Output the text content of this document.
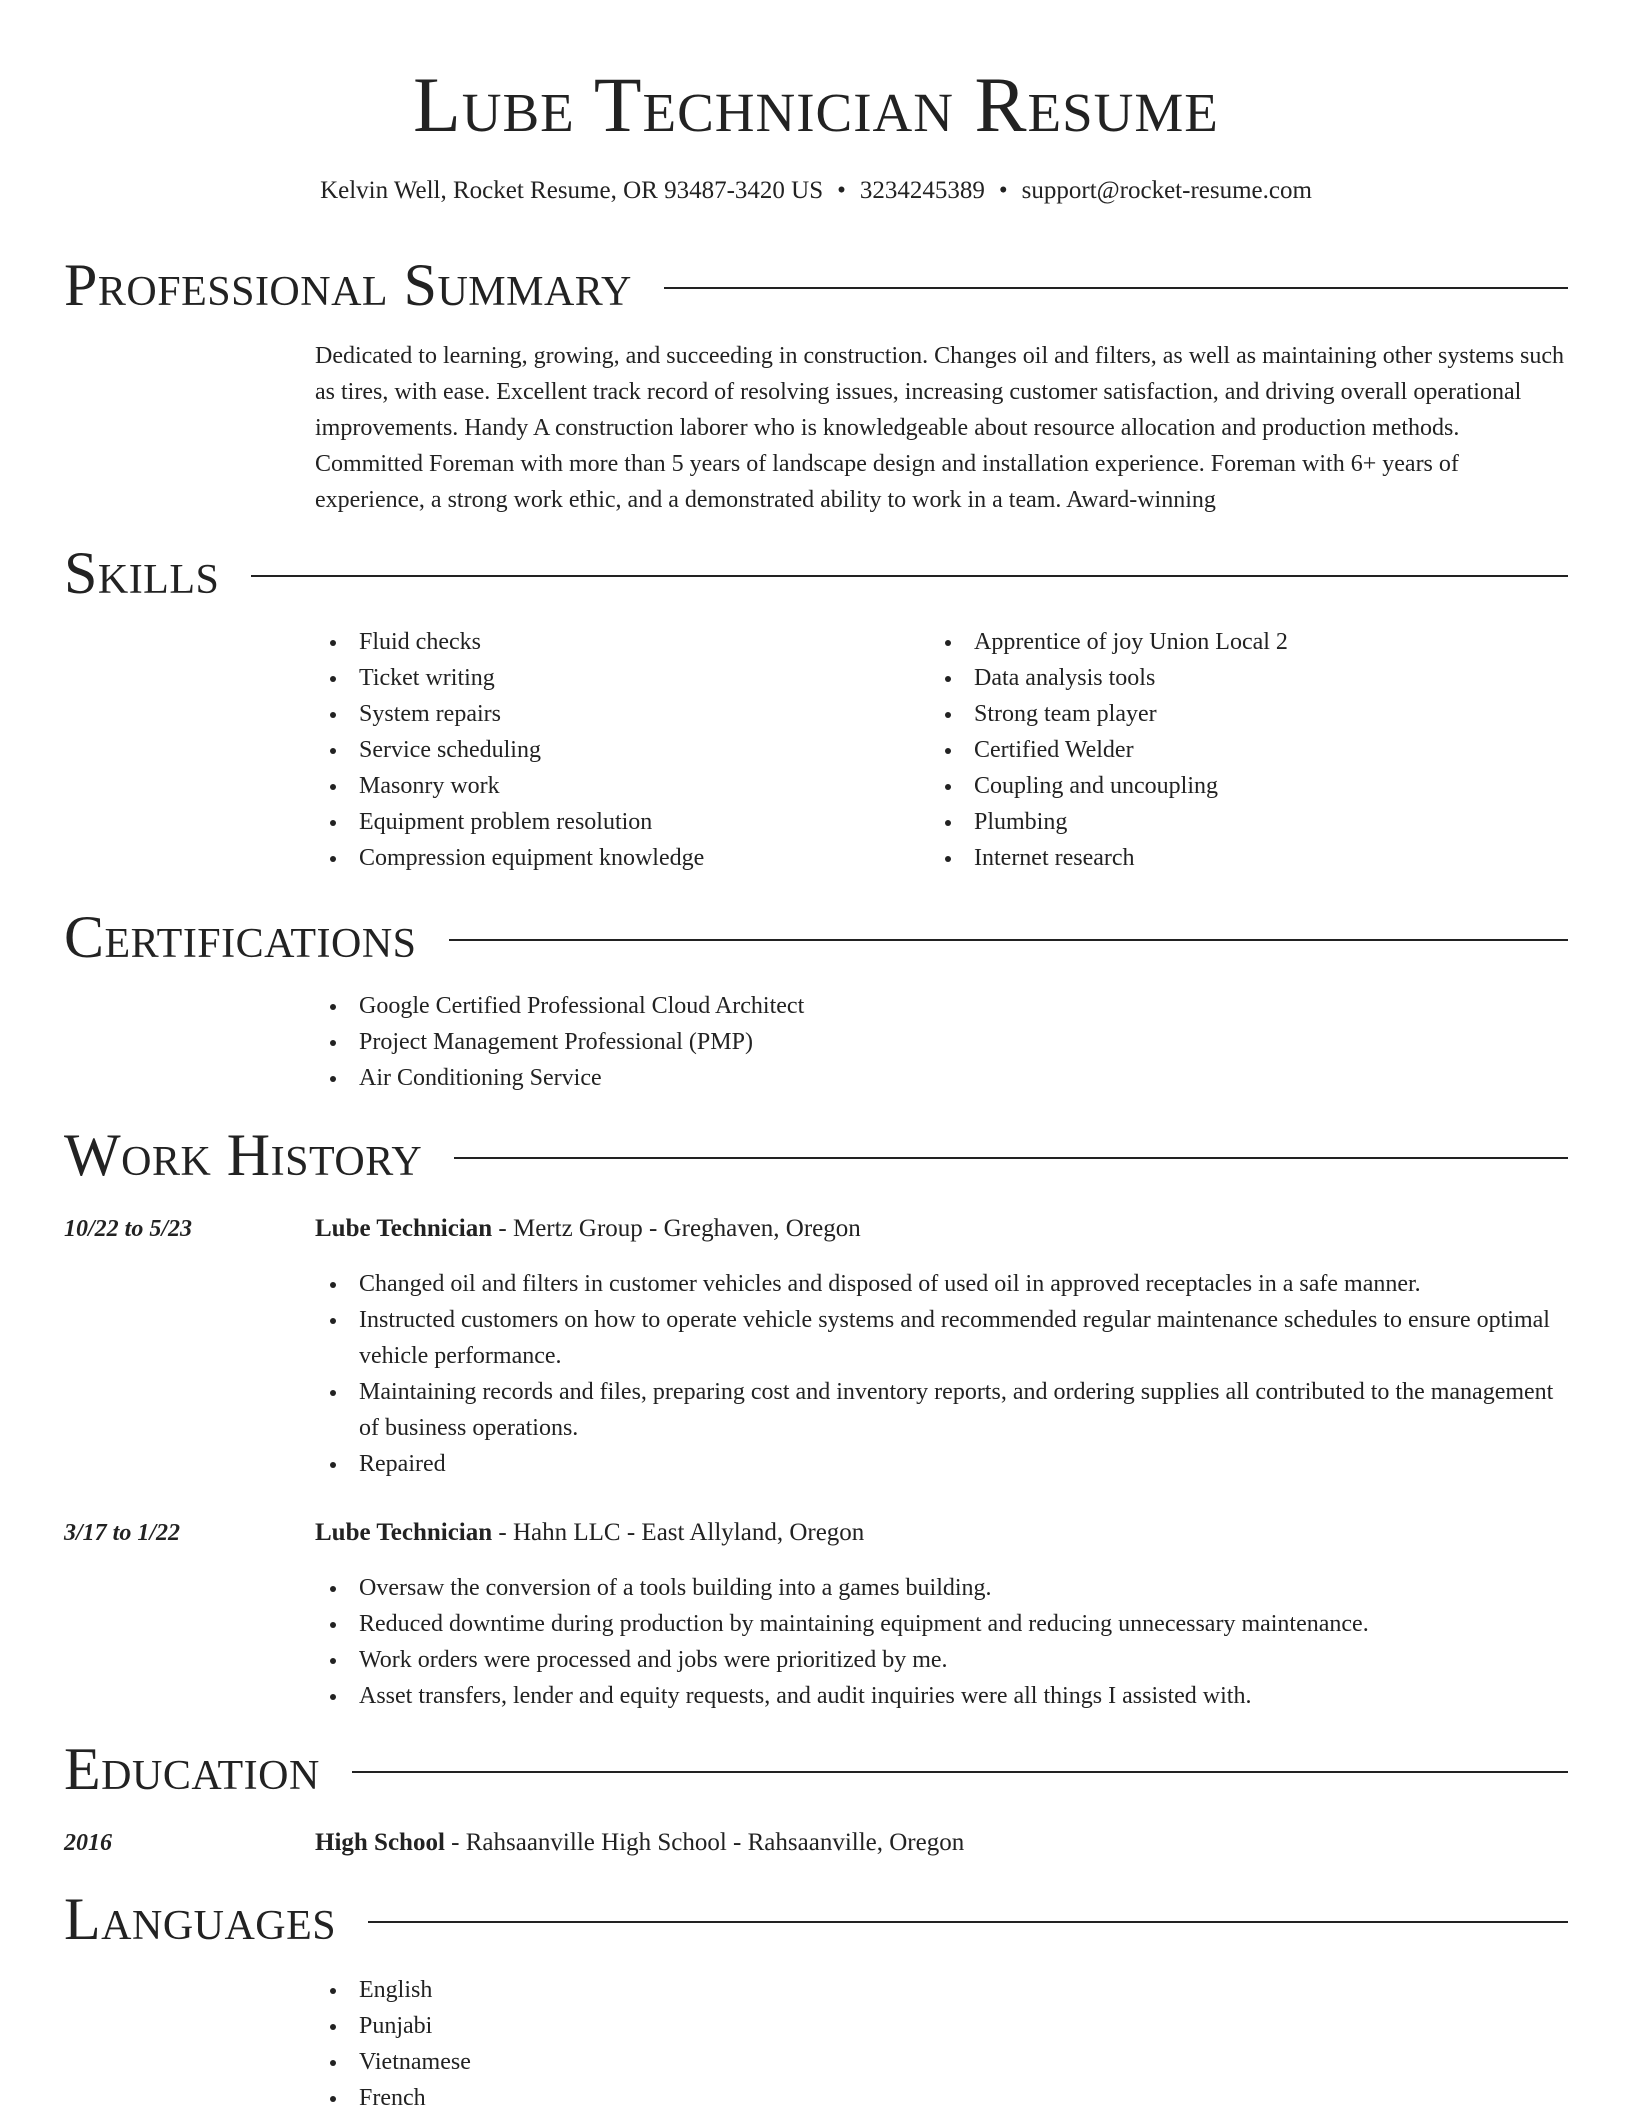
Lube Technician Resume
Kelvin Well, Rocket Resume, OR 93487-3420 US • 3234245389 • support@rocket-resume.com
Professional Summary
Dedicated to learning, growing, and succeeding in construction. Changes oil and filters, as well as maintaining other systems such as tires, with ease. Excellent track record of resolving issues, increasing customer satisfaction, and driving overall operational improvements. Handy A construction laborer who is knowledgeable about resource allocation and production methods. Committed Foreman with more than 5 years of landscape design and installation experience. Foreman with 6+ years of experience, a strong work ethic, and a demonstrated ability to work in a team. Award-winning
Skills
Fluid checks
Ticket writing
System repairs
Service scheduling
Masonry work
Equipment problem resolution
Compression equipment knowledge
Apprentice of joy Union Local 2
Data analysis tools
Strong team player
Certified Welder
Coupling and uncoupling
Plumbing
Internet research
Certifications
Google Certified Professional Cloud Architect
Project Management Professional (PMP)
Air Conditioning Service
Work History
10/22 to 5/23	Lube Technician - Mertz Group - Greghaven, Oregon
Changed oil and filters in customer vehicles and disposed of used oil in approved receptacles in a safe manner.
Instructed customers on how to operate vehicle systems and recommended regular maintenance schedules to ensure optimal vehicle performance.
Maintaining records and files, preparing cost and inventory reports, and ordering supplies all contributed to the management of business operations.
Repaired
3/17 to 1/22	Lube Technician - Hahn LLC - East Allyland, Oregon
Oversaw the conversion of a tools building into a games building.
Reduced downtime during production by maintaining equipment and reducing unnecessary maintenance.
Work orders were processed and jobs were prioritized by me.
Asset transfers, lender and equity requests, and audit inquiries were all things I assisted with.
Education
2016	High School - Rahsaanville High School - Rahsaanville, Oregon
Languages
English
Punjabi
Vietnamese
French
